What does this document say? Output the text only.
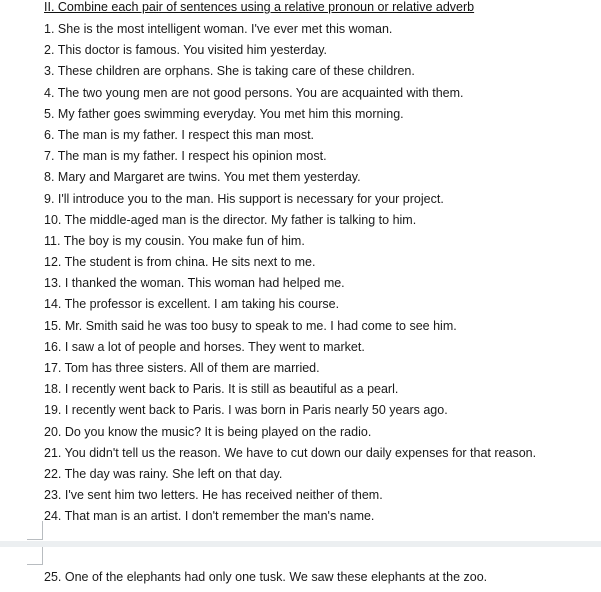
II. Combine each pair of sentences using a relative pronoun or relative adverb
1 . She is the most intelligent woman. I've ever met this woman.
2 . This doctor is famous. You visited him yesterday.
3 . These children are orphans. She is taking care of these children.
4 . The two young men are not good persons. You are acquainted with them.
5 . My father goes swimming everyday. You met him this morning.
6 . The man is my father. I respect this man most.
7 . The man is my father. I respect his opinion most.
8 . Mary and Margaret are twins. You met them yesterday.
9 . I'll introduce you to the man. His support is necessary for your project.
10 . The middle-aged man is the director. My father is talking to him.
11 . The boy is my cousin. You make fun of him.
12 . The student is from china. He sits next to me.
13 . I thanked the woman. This woman had helped me.
14 . The professor is excellent. I am taking his course.
15 . Mr. Smith said he was too busy to speak to me. I had come to see him.
16 . I saw a lot of people and horses. They went to market.
17 . Tom has three sisters. All of them are married.
18 . I recently went back to Paris. It is still as beautiful as a pearl.
19 . I recently went back to Paris. I was born in Paris nearly 50 years ago.
20 . Do you know the music? It is being played on the radio.
21 . You didn't tell us the reason. We have to cut down our daily expenses for that reason.
22 . The day was rainy. She left on that day.
23 . I've sent him two letters. He has received neither of them.
24 . That man is an artist. I don't remember the man's name.
25 . One of the elephants had only one tusk. We saw these elephants at the zoo.
